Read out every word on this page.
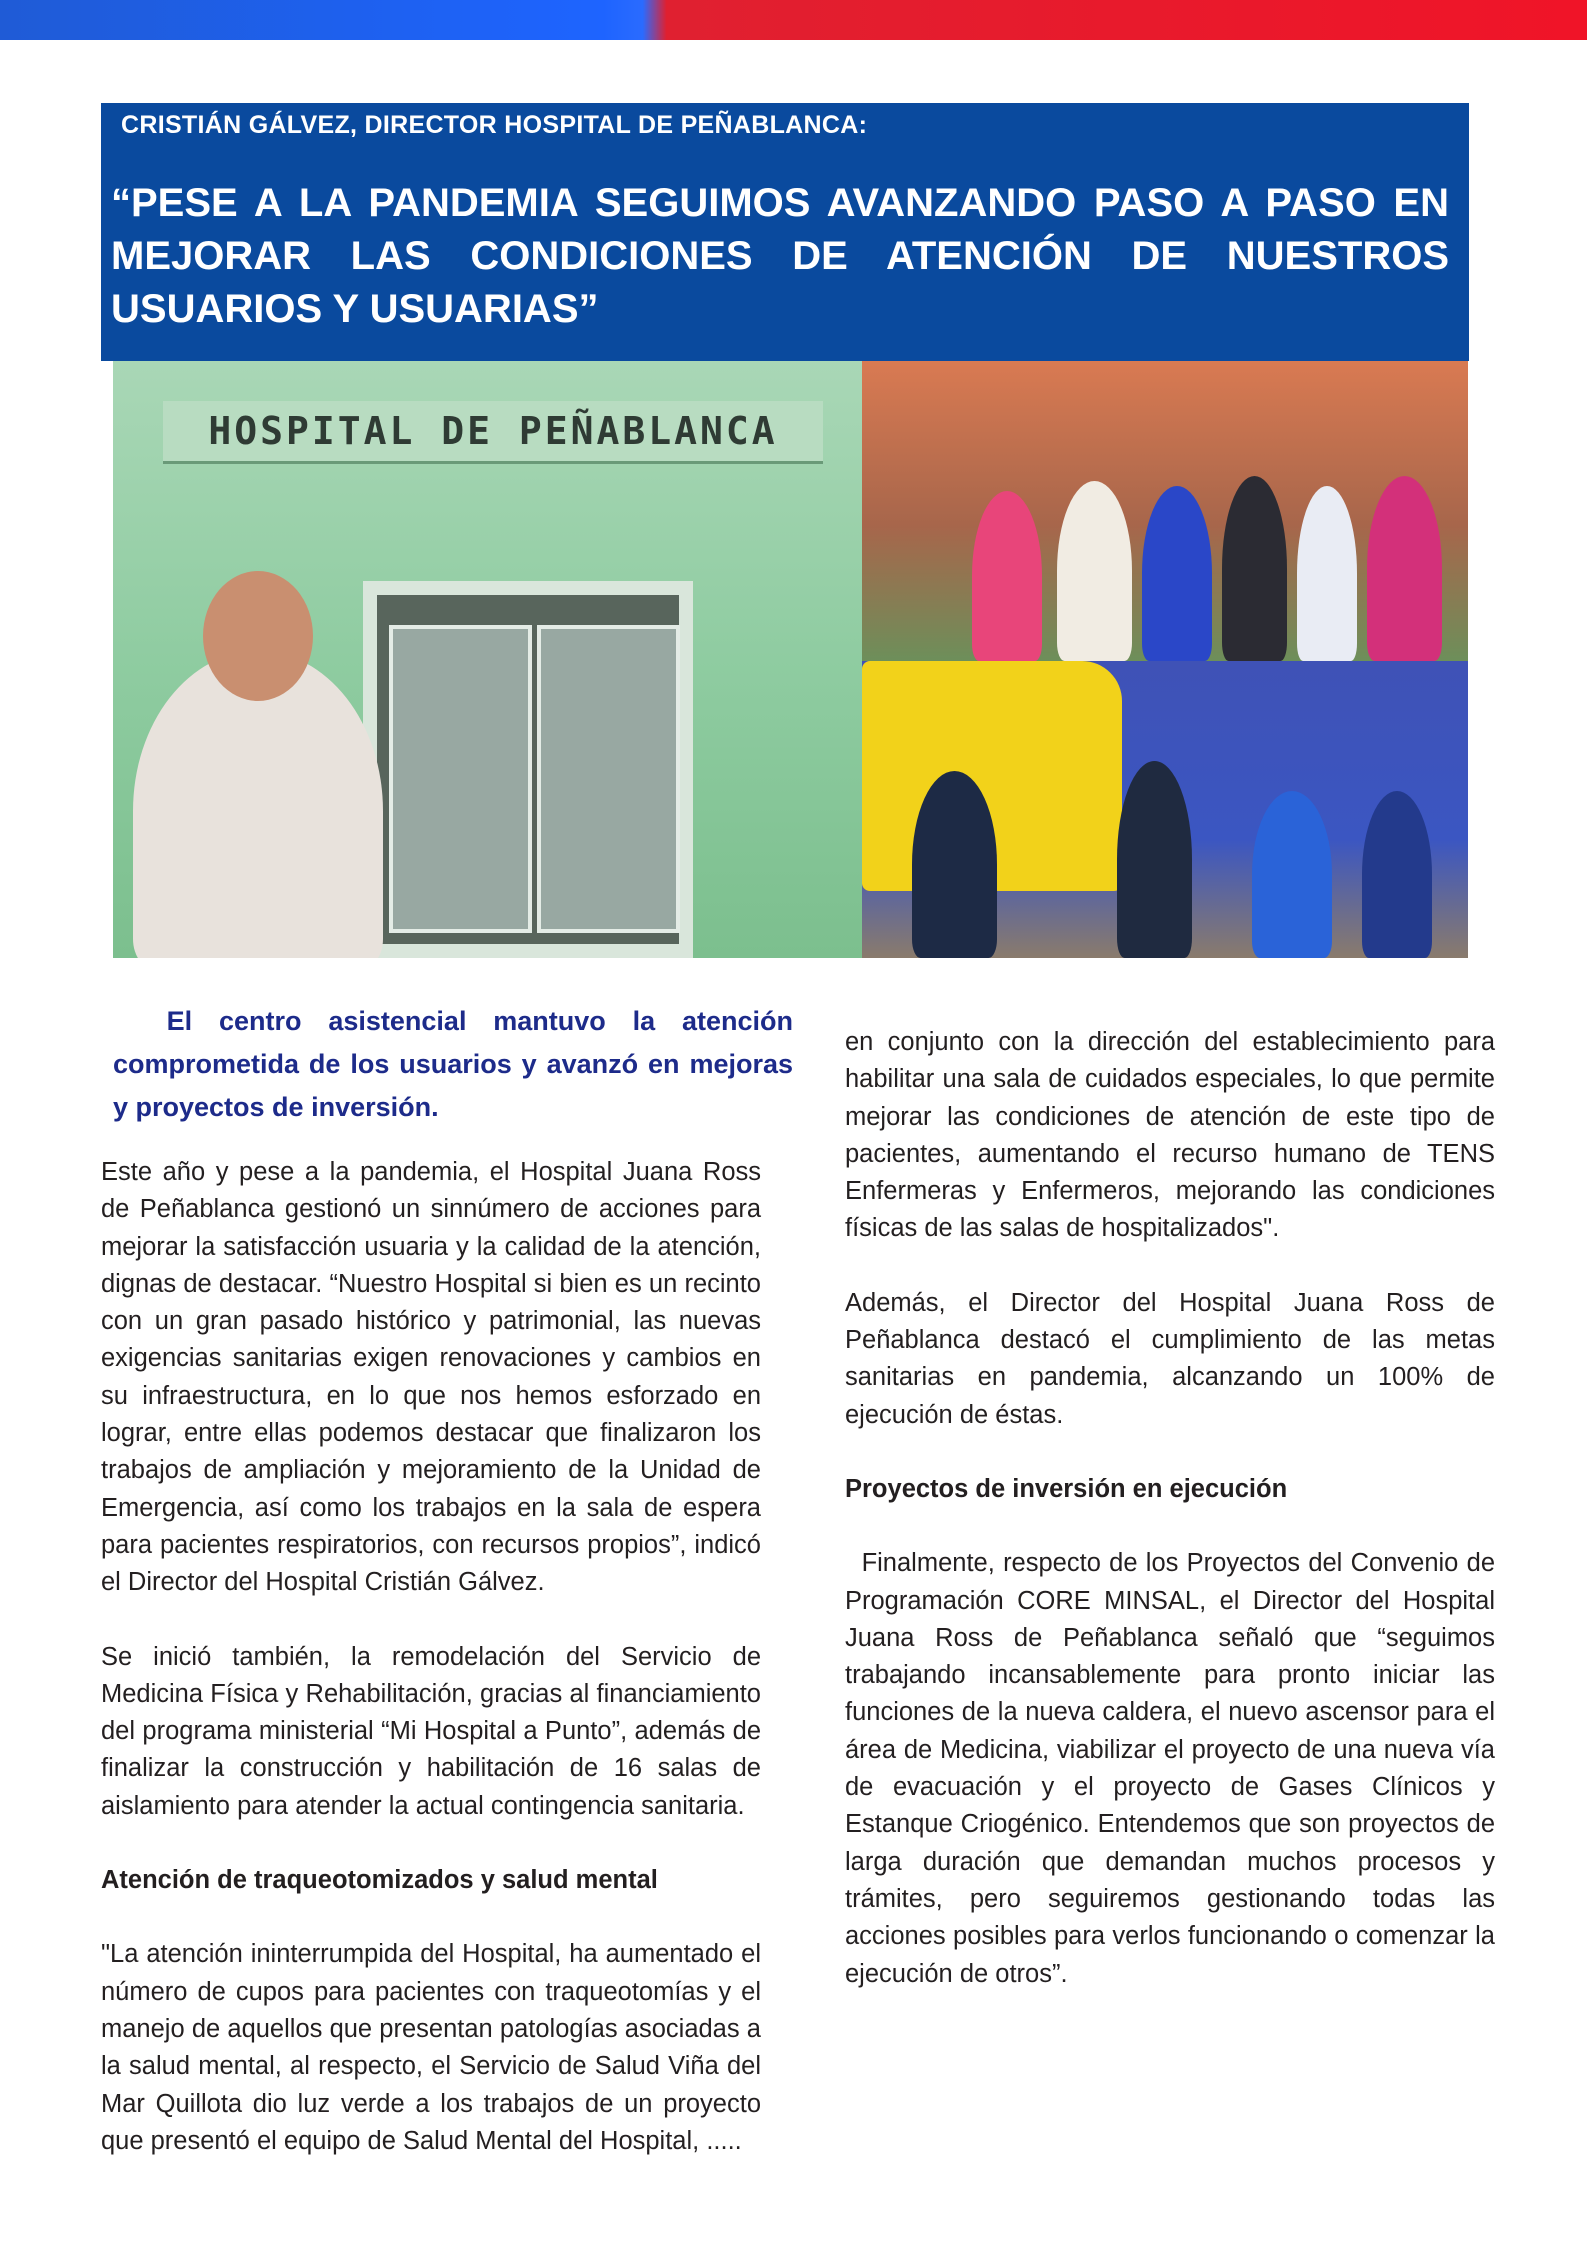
CRISTIÁN GÁLVEZ, DIRECTOR HOSPITAL DE PEÑABLANCA:
“PESE A LA PANDEMIA SEGUIMOS AVANZANDO PASO A PASO EN MEJORAR LAS CONDICIONES DE ATENCIÓN DE NUESTROS USUARIOS Y USUARIAS”
HOSPITAL DE PEÑABLANCA
El centro asistencial mantuvo la atención comprometida de los usuarios y avanzó en mejoras y proyectos de inversión.

Este año y pese a la pandemia, el Hospital Juana Ross de Peñablanca gestionó un sinnúmero de acciones para mejorar la satisfacción usuaria y la calidad de la atención, dignas de destacar. “Nuestro Hospital si bien es un recinto con un gran pasado histórico y patrimonial, las nuevas exigencias sanitarias exigen renovaciones y cambios en su infraestructura, en lo que nos hemos esforzado en lograr, entre ellas podemos destacar que finalizaron los trabajos de ampliación y mejoramiento de la Unidad de Emergencia, así como los trabajos en la sala de espera para pacientes respiratorios, con recursos propios”, indicó el Director del Hospital Cristián Gálvez.

Se inició también, la remodelación del Servicio de Medicina Física y Rehabilitación, gracias al financiamiento del programa ministerial “Mi Hospital a Punto”, además de finalizar la construcción y habilitación de 16 salas de aislamiento para atender la actual contingencia sanitaria.

Atención de traqueotomizados y salud mental

"La atención ininterrumpida del Hospital, ha aumentado el número de cupos para pacientes con traqueotomías y el manejo de aquellos que presentan patologías asociadas a la salud mental, al respecto, el Servicio de Salud Viña del Mar Quillota dio luz verde a los trabajos de un proyecto que presentó el equipo de Salud Mental del Hospital, .....

en conjunto con la dirección del establecimiento para habilitar una sala de cuidados especiales, lo que permite mejorar las condiciones de atención de este tipo de pacientes, aumentando el recurso humano de TENS Enfermeras y Enfermeros, mejorando las condiciones físicas de las salas de hospitalizados".

Además, el Director del Hospital Juana Ross de Peñablanca destacó el cumplimiento de las metas sanitarias en pandemia, alcanzando un 100% de ejecución de éstas.

Proyectos de inversión en ejecución

Finalmente, respecto de los Proyectos del Convenio de Programación CORE MINSAL, el Director del Hospital Juana Ross de Peñablanca señaló que “seguimos trabajando incansablemente para pronto iniciar las funciones de la nueva caldera, el nuevo ascensor para el área de Medicina, viabilizar el proyecto de una nueva vía de evacuación y el proyecto de Gases Clínicos y Estanque Criogénico. Entendemos que son proyectos de larga duración que demandan muchos procesos y trámites, pero seguiremos gestionando todas las acciones posibles para verlos funcionando o comenzar la ejecución de otros”.
